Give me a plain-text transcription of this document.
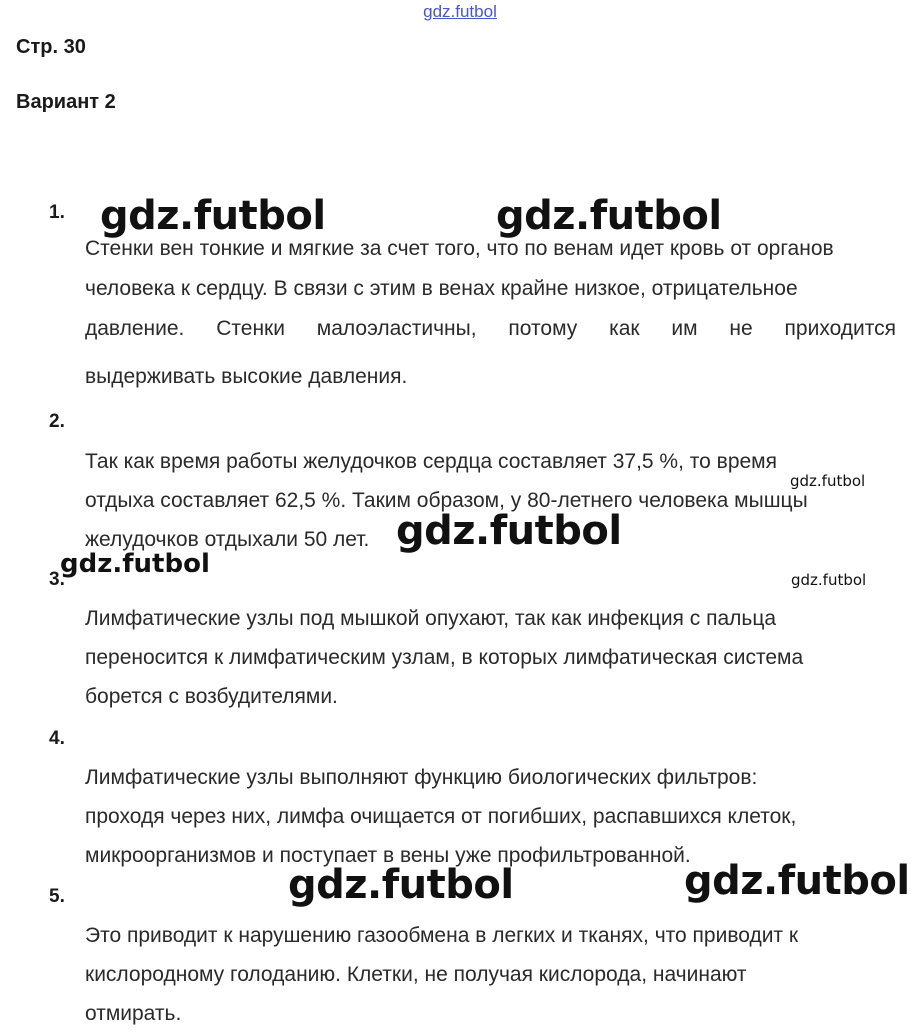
gdz.futbol
Стр. 30
Вариант 2
1.
Стенки вен тонкие и мягкие за счет того, что по венам идет кровь от органов
человека к сердцу. В связи с этим в венах крайне низкое, отрицательное
давление. Стенки малоэластичны, потому как им не приходится
выдерживать высокие давления.
2.
Так как время работы желудочков сердца составляет 37,5 %, то время
отдыха составляет 62,5 %. Таким образом, у 80-летнего человека мышцы
желудочков отдыхали 50 лет.
3.
Лимфатические узлы под мышкой опухают, так как инфекция с пальца
переносится к лимфатическим узлам, в которых лимфатическая система
борется с возбудителями.
4.
Лимфатические узлы выполняют функцию биологических фильтров:
проходя через них, лимфа очищается от погибших, распавшихся клеток,
микроорганизмов и поступает в вены уже профильтрованной.
5.
Это приводит к нарушению газообмена в легких и тканях, что приводит к
кислородному голоданию. Клетки, не получая кислорода, начинают
отмирать.
gdz.futbol	gdz.futbol
gdz.futbol
gdz.futbol
gdz.futbol
gdz.futbol
gdz.futbol	gdz.futbol
